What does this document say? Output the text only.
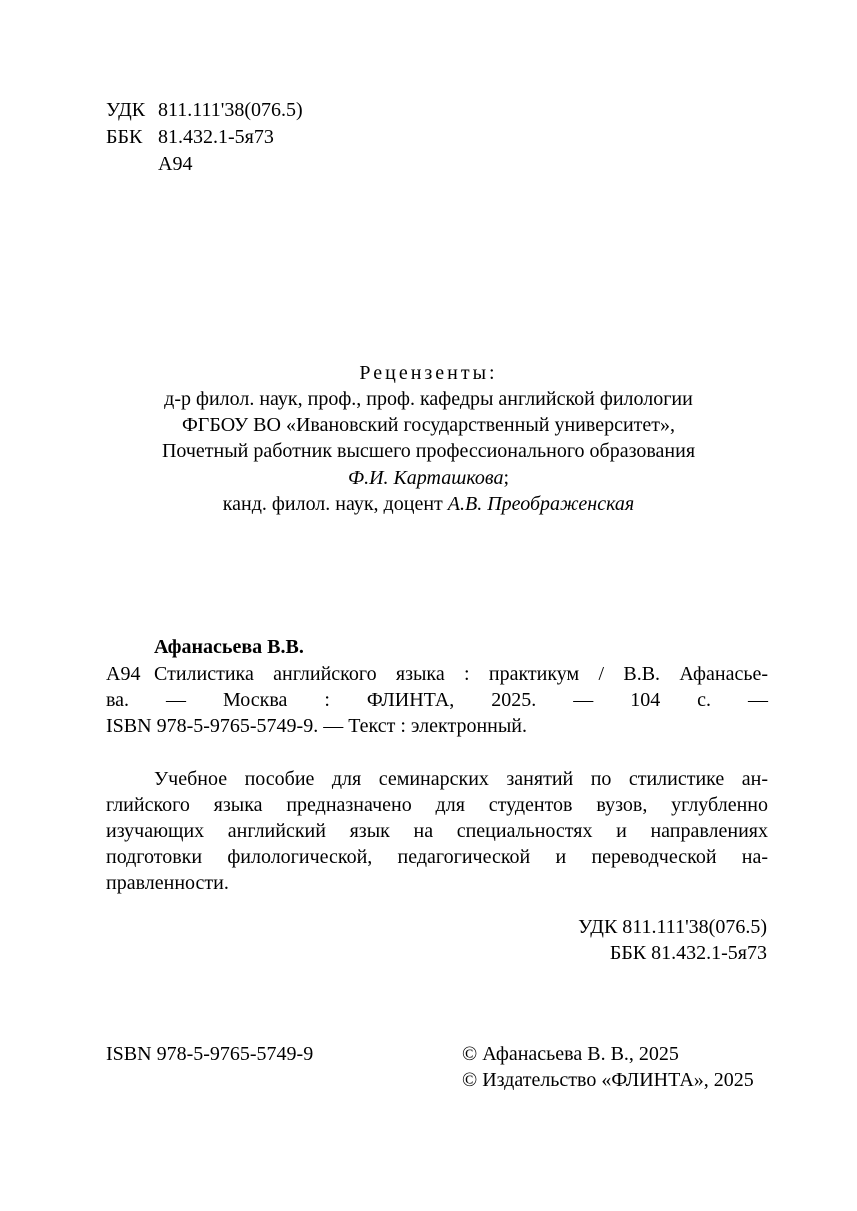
УДК 811.111'38(076.5)
ББК 81.432.1-5я73
А94
Рецензенты:
д-р филол. наук, проф., проф. кафедры английской филологии
ФГБОУ ВО «Ивановский государственный университет»,
Почетный работник высшего профессионального образования
Ф.И. Карташкова;
канд. филол. наук, доцент А.В. Преображенская
Афанасьева В.В.
А94 Стилистика английского языка : практикум / В.В. Афанасье-
ва. — Москва : ФЛИНТА, 2025. — 104 с. —
ISBN 978-5-9765-5749-9. — Текст : электронный.
Учебное пособие для семинарских занятий по стилистике ан-
глийского языка предназначено для студентов вузов, углубленно
изучающих английский язык на специальностях и направлениях
подготовки филологической, педагогической и переводческой на-
правленности.
УДК 811.111'38(076.5)
ББК 81.432.1-5я73
ISBN 978-5-9765-5749-9	© Афанасьева В. В., 2025
© Издательство «ФЛИНТА», 2025
